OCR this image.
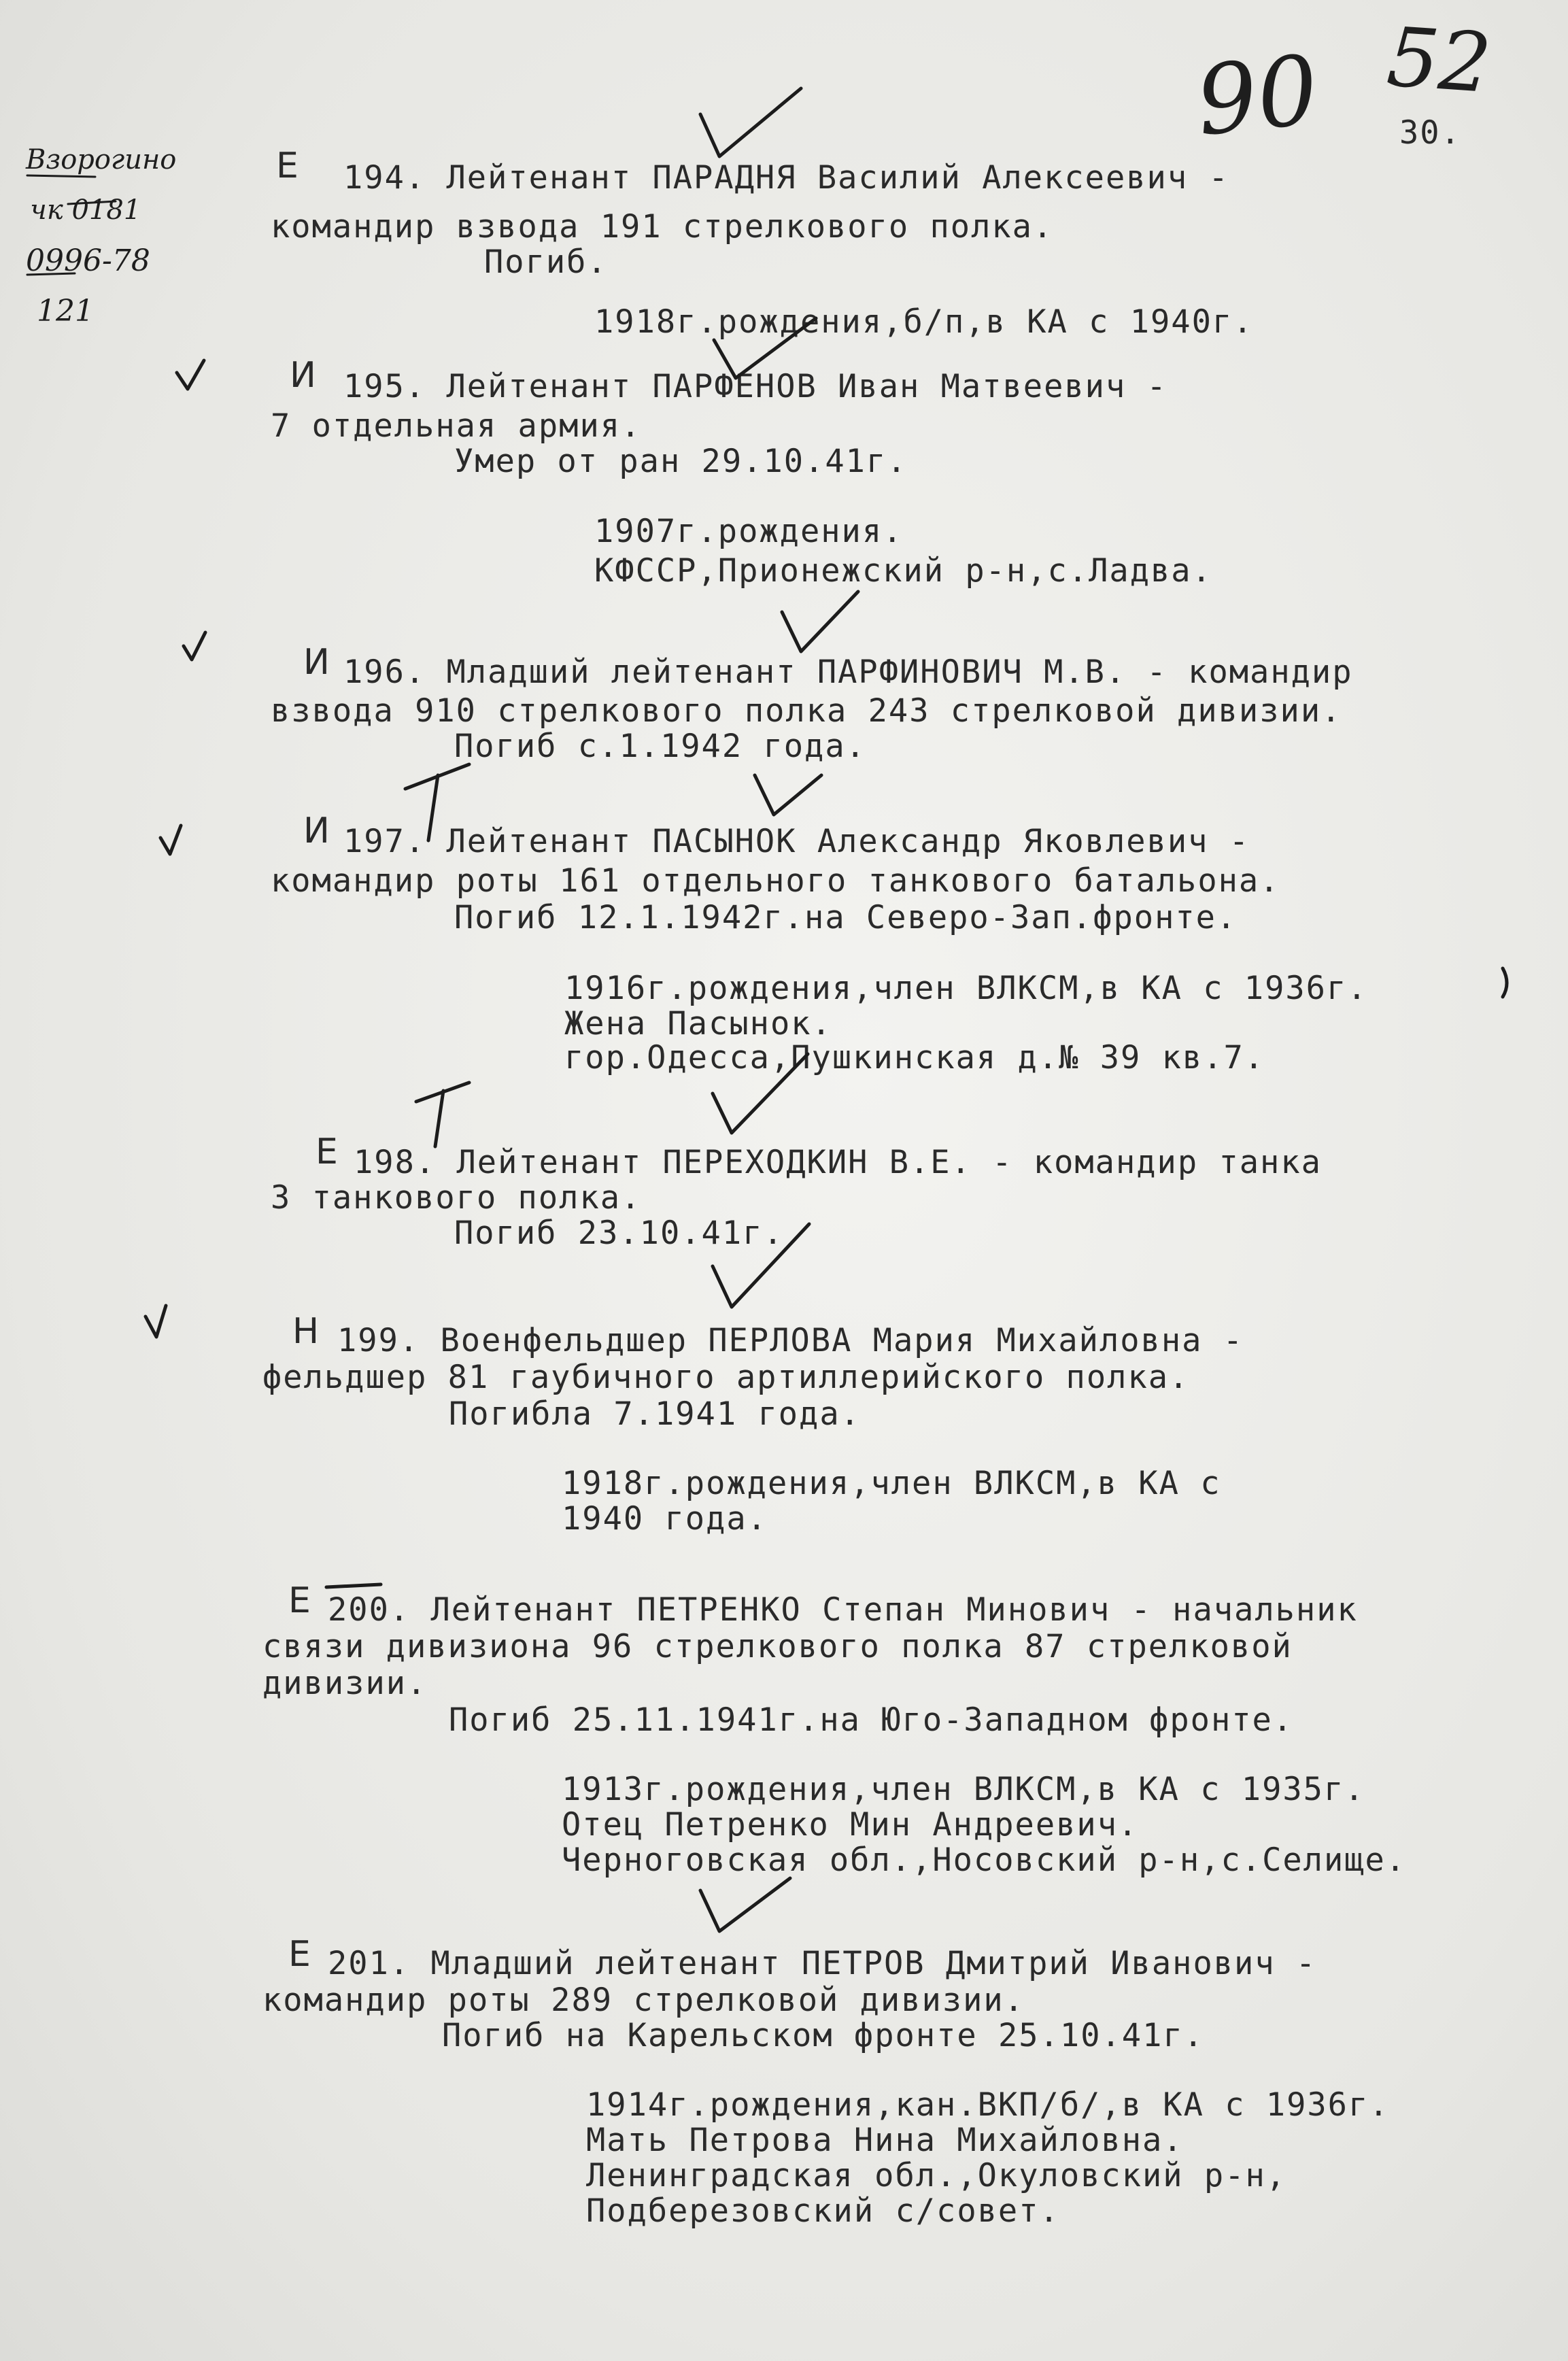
90 52
30.
Взорогино
чк 0181
0996-78
121
Е 194. Лейтенант ПАРАДНЯ Василий Алексеевич -
командир взвода 191 стрелкового полка.
Погиб.
1918г.рождения,б/п,в КА с 1940г.
И 195. Лейтенант ПАРФЕНОВ Иван Матвеевич -
7 отдельная армия.
Умер от ран 29.10.41г.
1907г.рождения.
КФССР,Прионежский р-н,с.Ладва.
И 196. Младший лейтенант ПАРФИНОВИЧ М.В. - командир
взвода 910 стрелкового полка 243 стрелковой дивизии.
Погиб с.1.1942 года.
И 197. Лейтенант ПАСЫНОК Александр Яковлевич -
командир роты 161 отдельного танкового батальона.
Погиб 12.1.1942г.на Северо-Зап.фронте.
1916г.рождения,член ВЛКСМ,в КА с 1936г.
Жена Пасынок.
гор.Одесса,Пушкинская д.№ 39 кв.7.
Е 198. Лейтенант ПЕРЕХОДКИН В.Е. - командир танка
3 танкового полка.
Погиб 23.10.41г.
Н 199. Военфельдшер ПЕРЛОВА Мария Михайловна -
фельдшер 81 гаубичного артиллерийского полка.
Погибла 7.1941 года.
1918г.рождения,член ВЛКСМ,в КА с
1940 года.
Е 200. Лейтенант ПЕТРЕНКО Степан Минович - начальник
связи дивизиона 96 стрелкового полка 87 стрелковой
дивизии.
Погиб 25.11.1941г.на Юго-Западном фронте.
1913г.рождения,член ВЛКСМ,в КА с 1935г.
Отец Петренко Мин Андреевич.
Черноговская обл.,Носовский р-н,с.Селище.
Е 201. Младший лейтенант ПЕТРОВ Дмитрий Иванович -
командир роты 289 стрелковой дивизии.
Погиб на Карельском фронте 25.10.41г.
1914г.рождения,кан.ВКП/б/,в КА с 1936г.
Мать Петрова Нина Михайловна.
Ленинградская обл.,Окуловский р-н,
Подберезовский с/совет.
